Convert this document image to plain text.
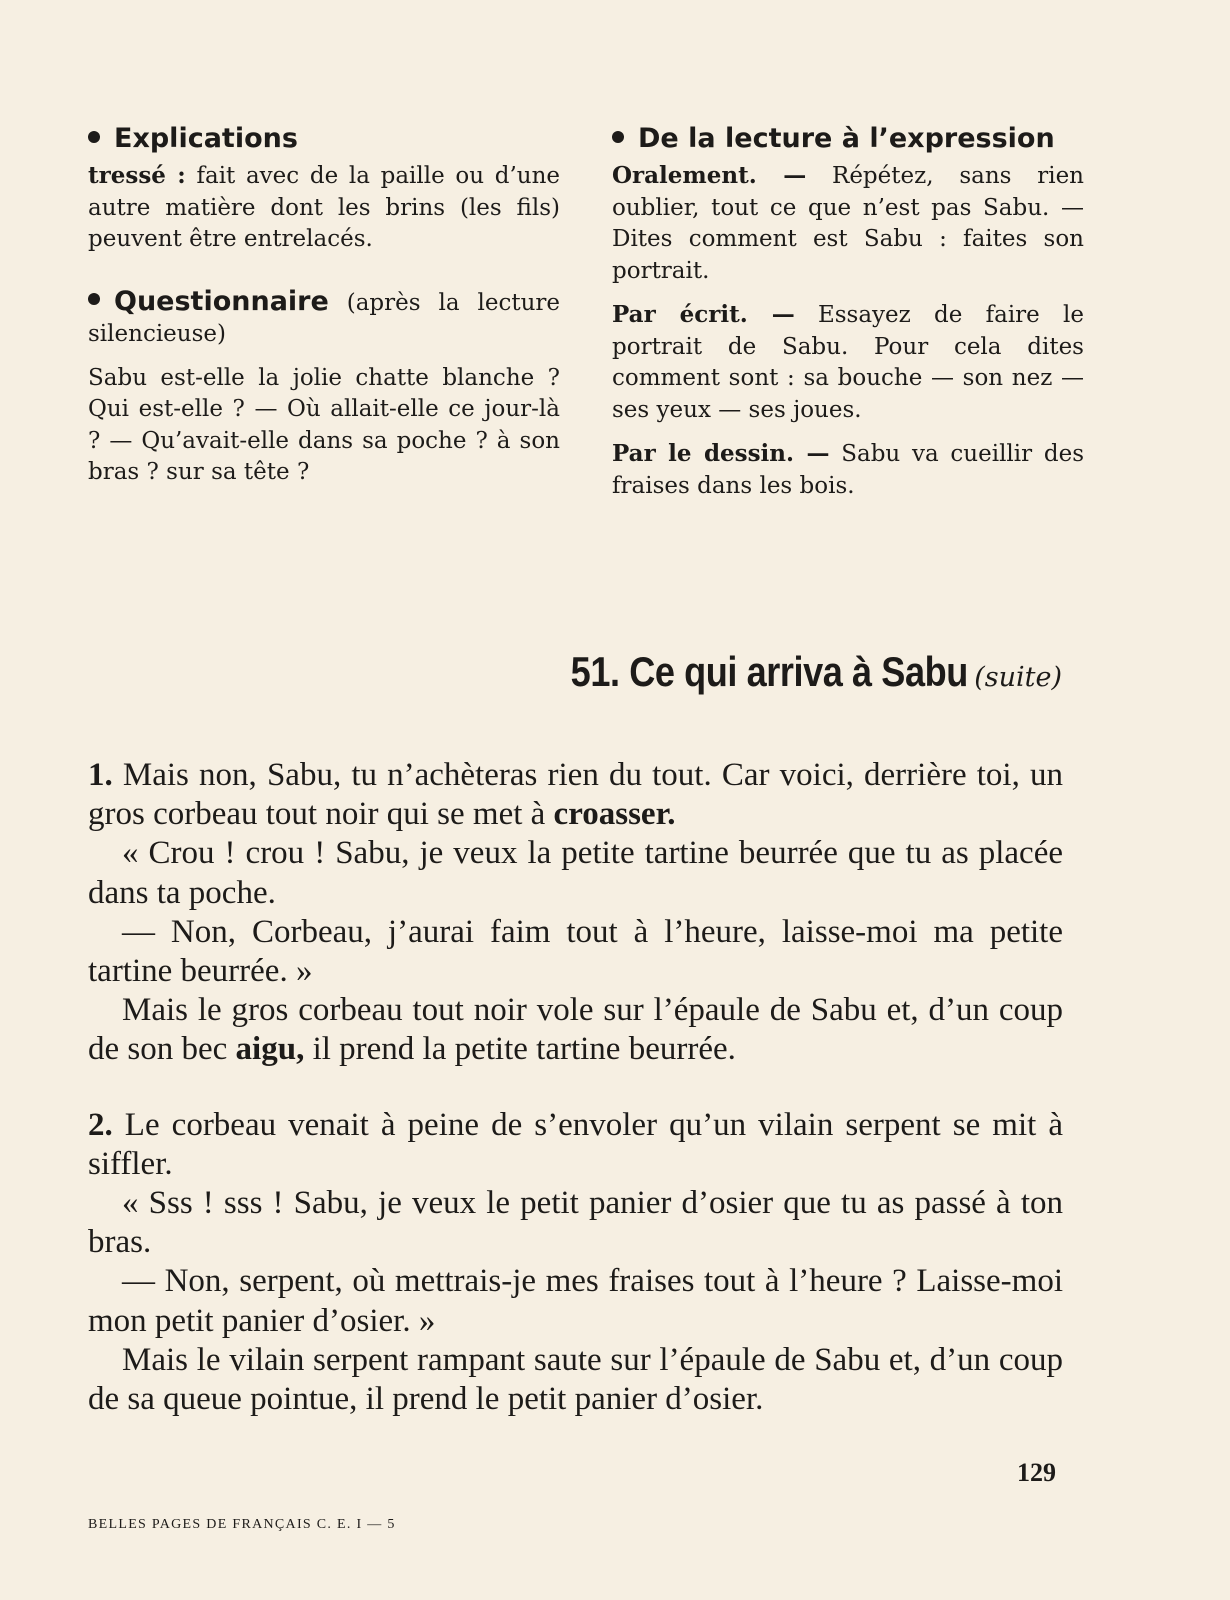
Explications

tressé : fait avec de la paille ou d’une autre matière dont les brins (les fils) peuvent être entrelacés.

Questionnaire (après la lecture silencieuse)

Sabu est-elle la jolie chatte blanche ? Qui est-elle ? — Où allait-elle ce jour-là ? — Qu’avait-elle dans sa poche ? à son bras ? sur sa tête ?

De la lecture à l’expression

Oralement. — Répétez, sans rien oublier, tout ce que n’est pas Sabu. — Dites comment est Sabu : faites son portrait.

Par écrit. — Essayez de faire le portrait de Sabu. Pour cela dites comment sont : sa bouche — son nez — ses yeux — ses joues.

Par le dessin. — Sabu va cueillir des fraises dans les bois.

51. Ce qui arriva à Sabu (suite)

1. Mais non, Sabu, tu n’achèteras rien du tout. Car voici, derrière toi, un gros corbeau tout noir qui se met à croasser.

« Crou ! crou ! Sabu, je veux la petite tartine beurrée que tu as placée dans ta poche.

— Non, Corbeau, j’aurai faim tout à l’heure, laisse-moi ma petite tartine beurrée. »

Mais le gros corbeau tout noir vole sur l’épaule de Sabu et, d’un coup de son bec aigu, il prend la petite tartine beurrée.

2. Le corbeau venait à peine de s’envoler qu’un vilain serpent se mit à siffler.

« Sss ! sss ! Sabu, je veux le petit panier d’osier que tu as passé à ton bras.

— Non, serpent, où mettrais-je mes fraises tout à l’heure ? Laisse-moi mon petit panier d’osier. »

Mais le vilain serpent rampant saute sur l’épaule de Sabu et, d’un coup de sa queue pointue, il prend le petit panier d’osier.

129
BELLES PAGES DE FRANÇAIS C. E. I — 5
